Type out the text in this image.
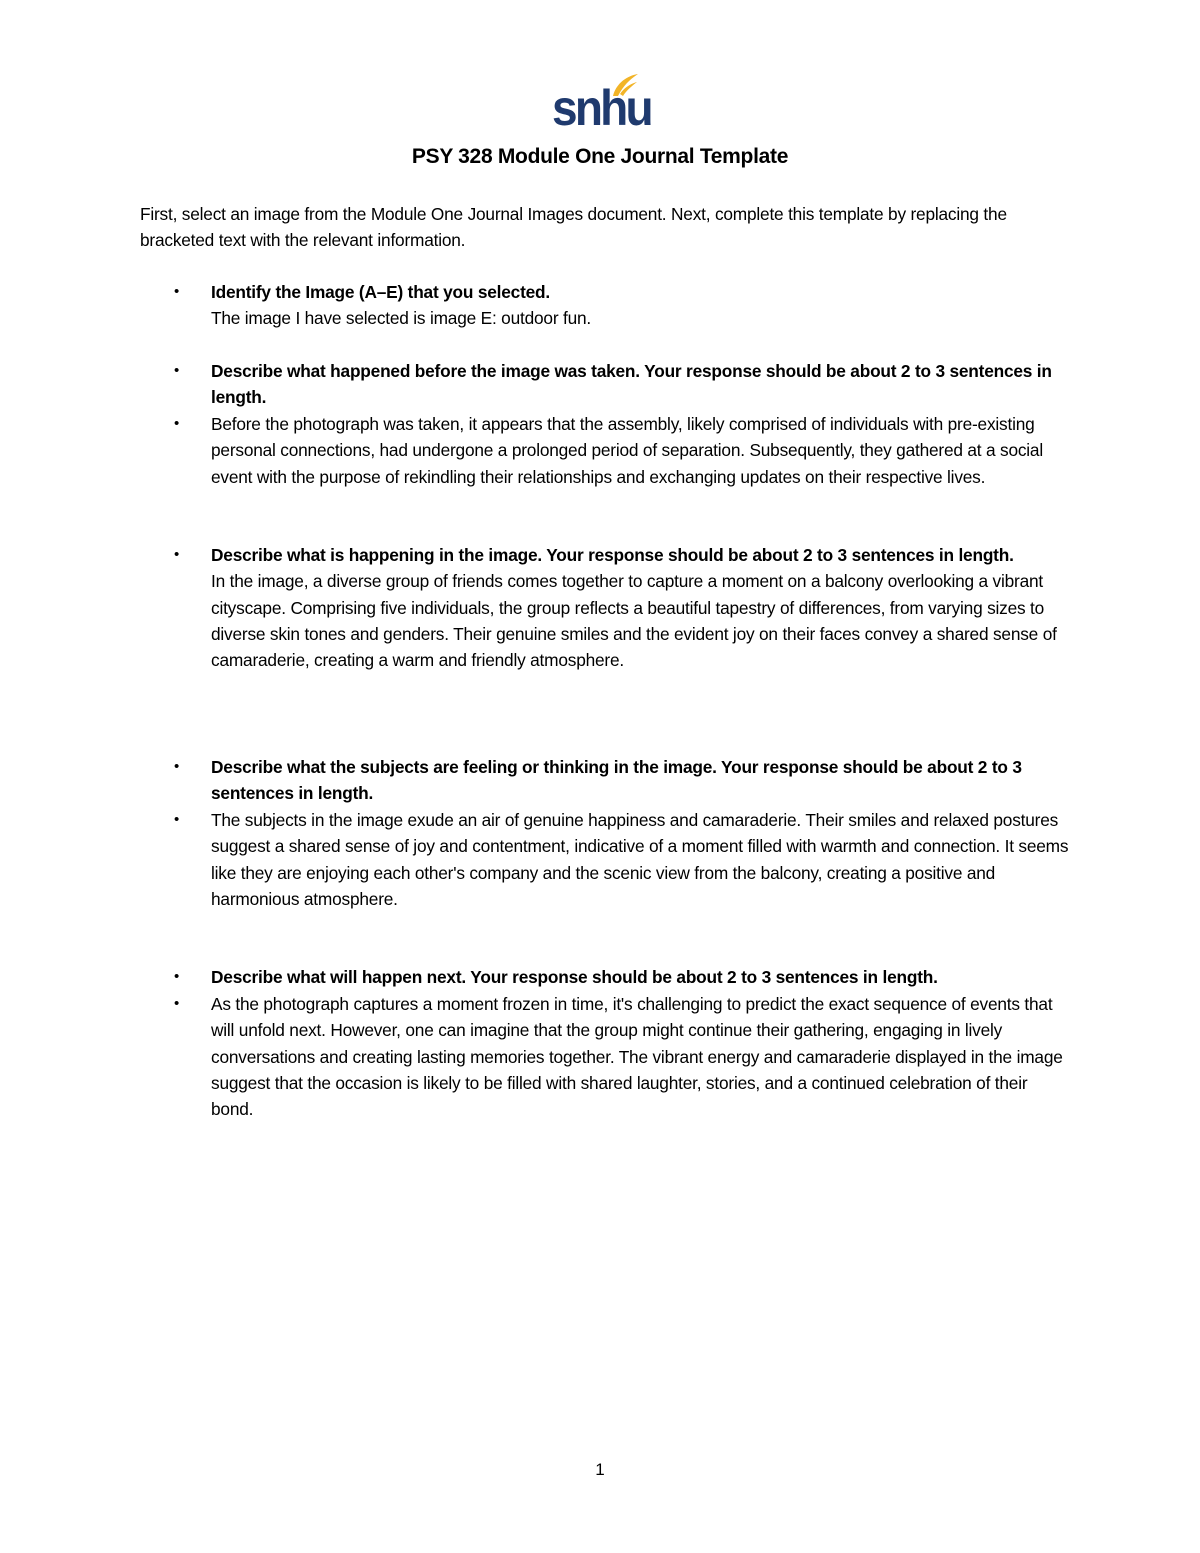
snhu
PSY 328 Module One Journal Template
First, select an image from the Module One Journal Images document. Next, complete this template by replacing the bracketed text with the relevant information.
•	Identify the Image (A–E) that you selected.
The image I have selected is image E: outdoor fun.
•	Describe what happened before the image was taken. Your response should be about 2 to 3 sentences in length.
•	Before the photograph was taken, it appears that the assembly, likely comprised of individuals with pre-existing personal connections, had undergone a prolonged period of separation. Subsequently, they gathered at a social event with the purpose of rekindling their relationships and exchanging updates on their respective lives.
•	Describe what is happening in the image. Your response should be about 2 to 3 sentences in length.
In the image, a diverse group of friends comes together to capture a moment on a balcony overlooking a vibrant cityscape. Comprising five individuals, the group reflects a beautiful tapestry of differences, from varying sizes to diverse skin tones and genders. Their genuine smiles and the evident joy on their faces convey a shared sense of camaraderie, creating a warm and friendly atmosphere.
•	Describe what the subjects are feeling or thinking in the image. Your response should be about 2 to 3 sentences in length.
•	The subjects in the image exude an air of genuine happiness and camaraderie. Their smiles and relaxed postures suggest a shared sense of joy and contentment, indicative of a moment filled with warmth and connection. It seems like they are enjoying each other's company and the scenic view from the balcony, creating a positive and harmonious atmosphere.
•	Describe what will happen next. Your response should be about 2 to 3 sentences in length.
•	As the photograph captures a moment frozen in time, it's challenging to predict the exact sequence of events that will unfold next. However, one can imagine that the group might continue their gathering, engaging in lively conversations and creating lasting memories together. The vibrant energy and camaraderie displayed in the image suggest that the occasion is likely to be filled with shared laughter, stories, and a continued celebration of their bond.
1
